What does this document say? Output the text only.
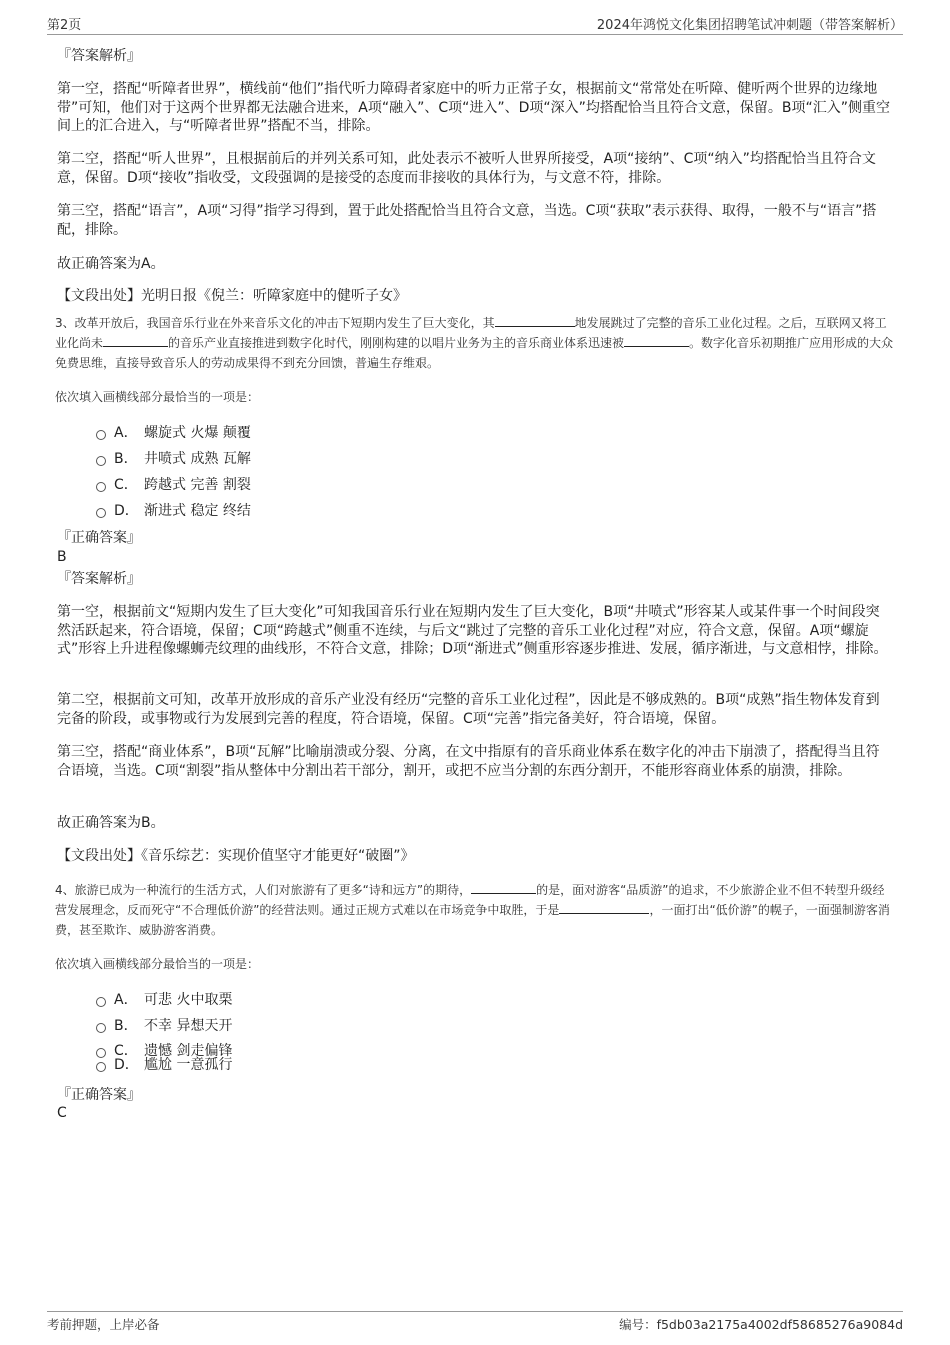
第2页	2024年鸿悦文化集团招聘笔试冲刺题（带答案解析）
『答案解析』
第一空，搭配“听障者世界”，横线前“他们”指代听力障碍者家庭中的听力正常子女，根据前文“常常处在听障、健听两个世界的边缘地带”可知，他们对于这两个世界都无法融合进来，A项“融入”、C项“进入”、D项“深入”均搭配恰当且符合文意，保留。B项“汇入”侧重空间上的汇合进入，与“听障者世界”搭配不当，排除。
第二空，搭配“听人世界”，且根据前后的并列关系可知，此处表示不被听人世界所接受，A项“接纳”、C项“纳入”均搭配恰当且符合文意，保留。D项“接收”指收受，文段强调的是接受的态度而非接收的具体行为，与文意不符，排除。
第三空，搭配“语言”，A项“习得”指学习得到，置于此处搭配恰当且符合文意，当选。C项“获取”表示获得、取得，一般不与“语言”搭配，排除。
故正确答案为A。
【文段出处】光明日报《倪兰：听障家庭中的健听子女》
3、改革开放后，我国音乐行业在外来音乐文化的冲击下短期内发生了巨大变化，其	地发展跳过了完整的音乐工业化过程。之后，互联网又将工业化尚未	的音乐产业直接推进到数字化时代，刚刚构建的以唱片业务为主的音乐商业体系迅速被	。数字化音乐初期推广应用形成的大众免费思维，直接导致音乐人的劳动成果得不到充分回馈，普遍生存维艰。
依次填入画横线部分最恰当的一项是：
A． 螺旋式 火爆 颠覆
B． 井喷式 成熟 瓦解
C． 跨越式 完善 割裂
D． 渐进式 稳定 终结
『正确答案』
B
『答案解析』
第一空，根据前文“短期内发生了巨大变化”可知我国音乐行业在短期内发生了巨大变化，B项“井喷式”形容某人或某件事一个时间段突然活跃起来，符合语境，保留；C项“跨越式”侧重不连续，与后文“跳过了完整的音乐工业化过程”对应，符合文意，保留。A项“螺旋式”形容上升进程像螺蛳壳纹理的曲线形，不符合文意，排除；D项“渐进式”侧重形容逐步推进、发展，循序渐进，与文意相悖，排除。
第二空，根据前文可知，改革开放形成的音乐产业没有经历“完整的音乐工业化过程”，因此是不够成熟的。B项“成熟”指生物体发育到完备的阶段，或事物或行为发展到完善的程度，符合语境，保留。C项“完善”指完备美好，符合语境，保留。
第三空，搭配“商业体系”，B项“瓦解”比喻崩溃或分裂、分离，在文中指原有的音乐商业体系在数字化的冲击下崩溃了，搭配得当且符合语境，当选。C项“割裂”指从整体中分割出若干部分，割开，或把不应当分割的东西分割开，不能形容商业体系的崩溃，排除。
故正确答案为B。
【文段出处】《音乐综艺：实现价值坚守才能更好“破圈”》
4、旅游已成为一种流行的生活方式，人们对旅游有了更多“诗和远方”的期待，	的是，面对游客“品质游”的追求，不少旅游企业不但不转型升级经营发展理念，反而死守“不合理低价游”的经营法则。通过正规方式难以在市场竞争中取胜，于是	，一面打出“低价游”的幌子，一面强制游客消费，甚至欺诈、威胁游客消费。
依次填入画横线部分最恰当的一项是：
A． 可悲 火中取栗
B． 不幸 异想天开
C． 遗憾 剑走偏锋
D． 尴尬 一意孤行
『正确答案』
C
考前押题，上岸必备	编号：f5db03a2175a4002df58685276a9084d
